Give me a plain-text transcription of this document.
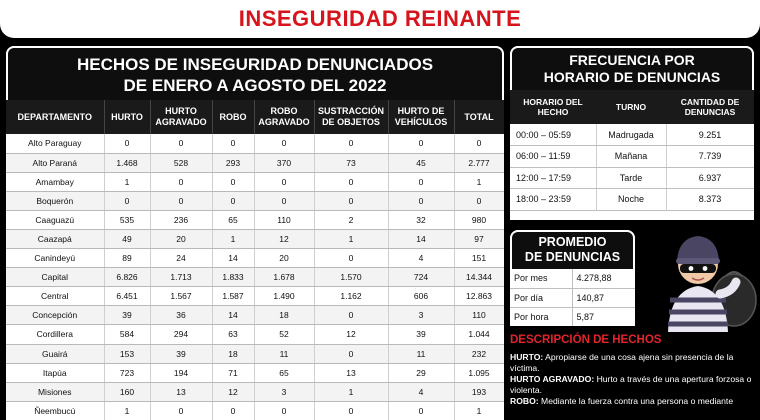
INSEGURIDAD REINANTE
HECHOS DE INSEGURIDAD DENUNCIADOS
DE ENERO A AGOSTO DEL 2022
DEPARTAMENTO	HURTO	HURTO AGRAVADO	ROBO	ROBO AGRAVADO	SUSTRACCIÓN DE OBJETOS	HURTO DE VEHÍCULOS	TOTAL
Alto Paraguay	0	0	0	0	0	0	0
Alto Paraná	1.468	528	293	370	73	45	2.777
Amambay	1	0	0	0	0	0	1
Boquerón	0	0	0	0	0	0	0
Caaguazú	535	236	65	110	2	32	980
Caazapá	49	20	1	12	1	14	97
Canindeyú	89	24	14	20	0	4	151
Capital	6.826	1.713	1.833	1.678	1.570	724	14.344
Central	6.451	1.567	1.587	1.490	1.162	606	12.863
Concepción	39	36	14	18	0	3	110
Cordillera	584	294	63	52	12	39	1.044
Guairá	153	39	18	11	0	11	232
Itapúa	723	194	71	65	13	29	1.095
Misiones	160	13	12	3	1	4	193
Ñeembucú	1	0	0	0	0	0	1
FRECUENCIA POR
HORARIO DE DENUNCIAS
HORARIO DEL HECHO	TURNO	CANTIDAD DE DENUNCIAS
00:00 – 05:59	Madrugada	9.251
06:00 – 11:59	Mañana	7.739
12:00 – 17:59	Tarde	6.937
18:00 – 23:59	Noche	8.373
PROMEDIO
DE DENUNCIAS
Por mes	4.278,88
Por día	140,87
Por hora	5,87
DESCRIPCIÓN DE HECHOS

HURTO: Apropiarse de una cosa ajena sin presencia de la víctima.

HURTO AGRAVADO: Hurto a través de una apertura forzosa o violenta.

ROBO: Mediante la fuerza contra una persona o mediante
